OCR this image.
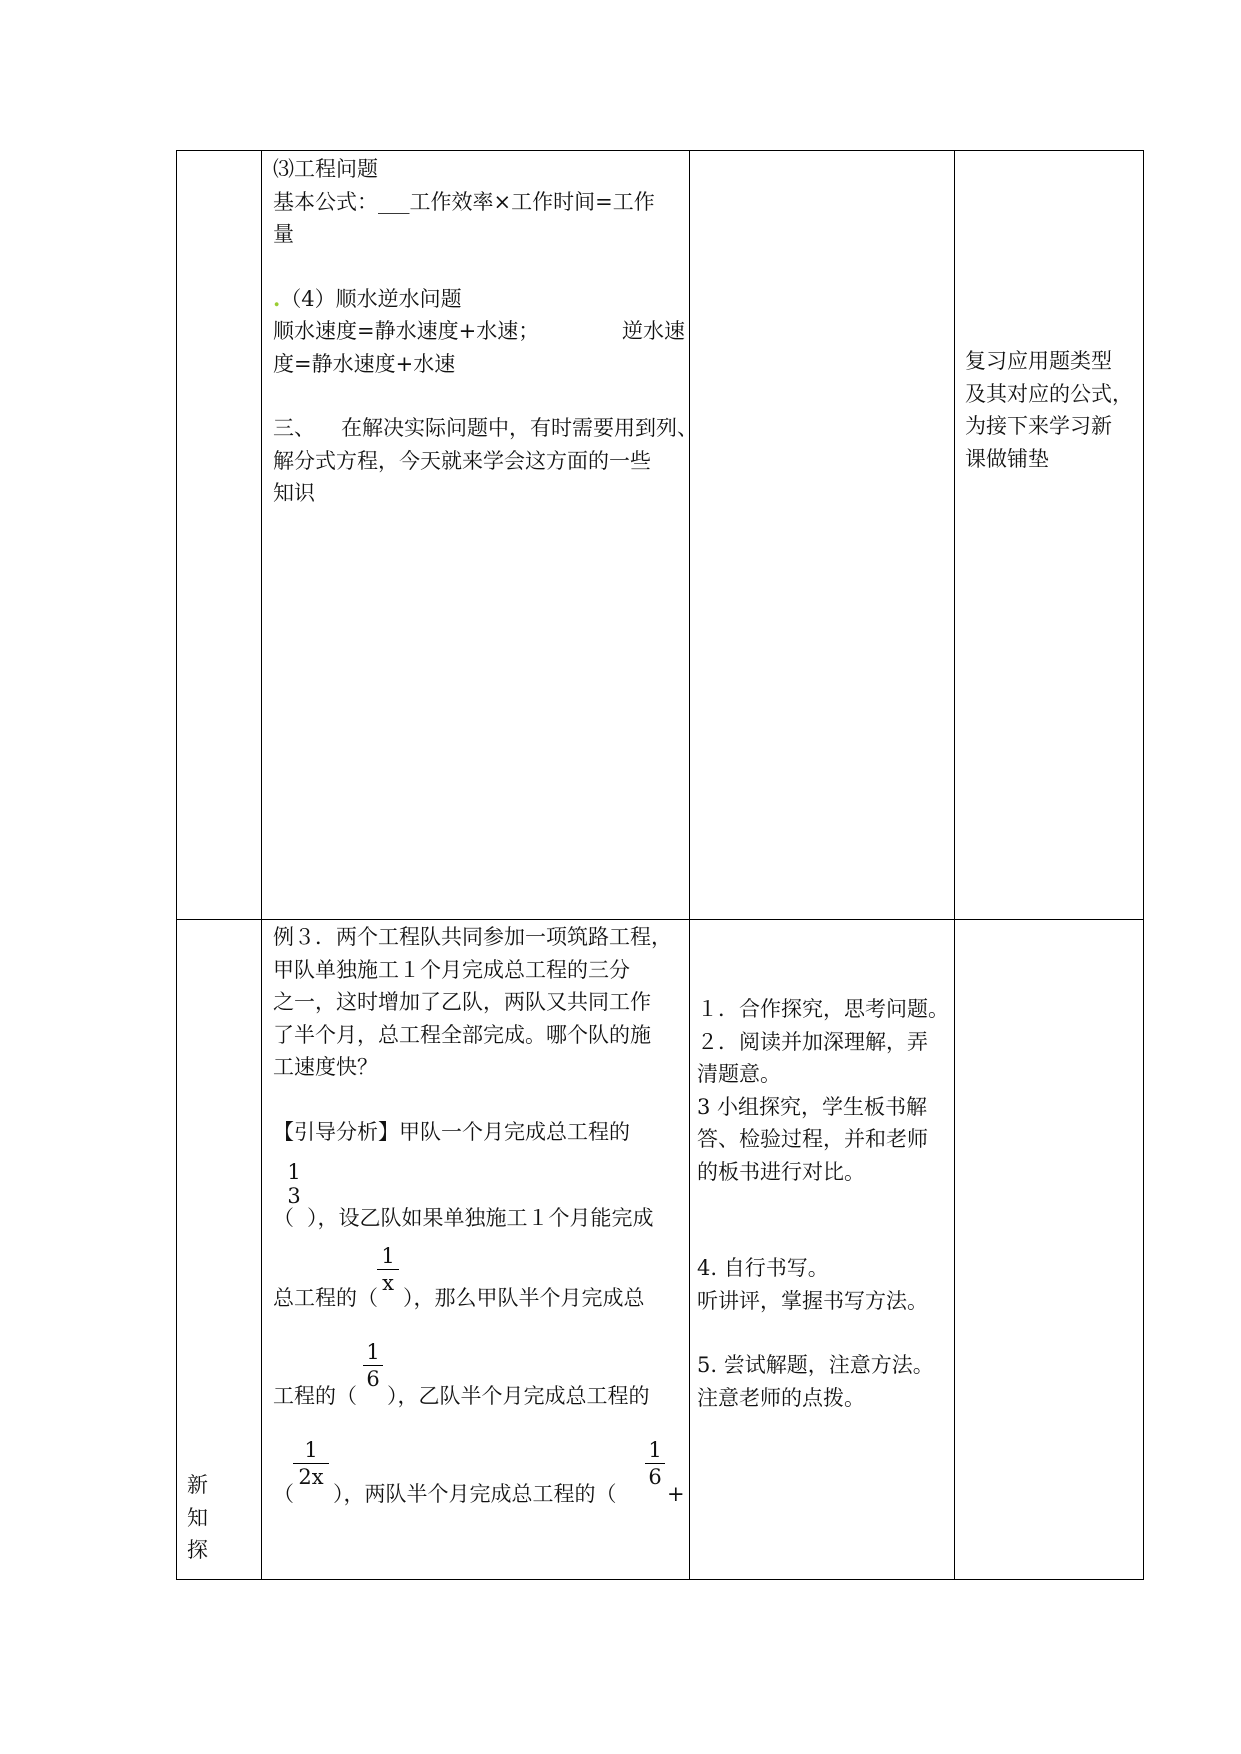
⑶工程问题

基本公式：___工作效率×工作时间=工作

量

.（4）顺水逆水问题

顺水速度=静水速度+水速；	逆水速

度=静水速度+水速

三、 在解决实际问题中，有时需要用到列、

解分式方程，今天就来学会这方面的一些

知识

复习应用题类型

及其对应的公式，

为接下来学习新

课做铺垫

新

知

探

例３．两个工程队共同参加一项筑路工程，

甲队单独施工１个月完成总工程的三分

之一，这时增加了乙队，两队又共同工作

了半个月，总工程全部完成。哪个队的施

工速度快？

【引导分析】甲队一个月完成总工程的

（
1
3
），设乙队如果单独施工１个月能完成
总工程的（
1
x
），那么甲队半个月完成总
工程的（
1
6
），乙队半个月完成总工程的
（
1
2x
），两队半个月完成总工程的（
1
6
+

１．合作探究，思考问题。

２．阅读并加深理解，弄

清题意。

3 小组探究，学生板书解

答、检验过程，并和老师

的板书进行对比。

4. 自行书写。

听讲评，掌握书写方法。

5. 尝试解题，注意方法。

注意老师的点拨。
